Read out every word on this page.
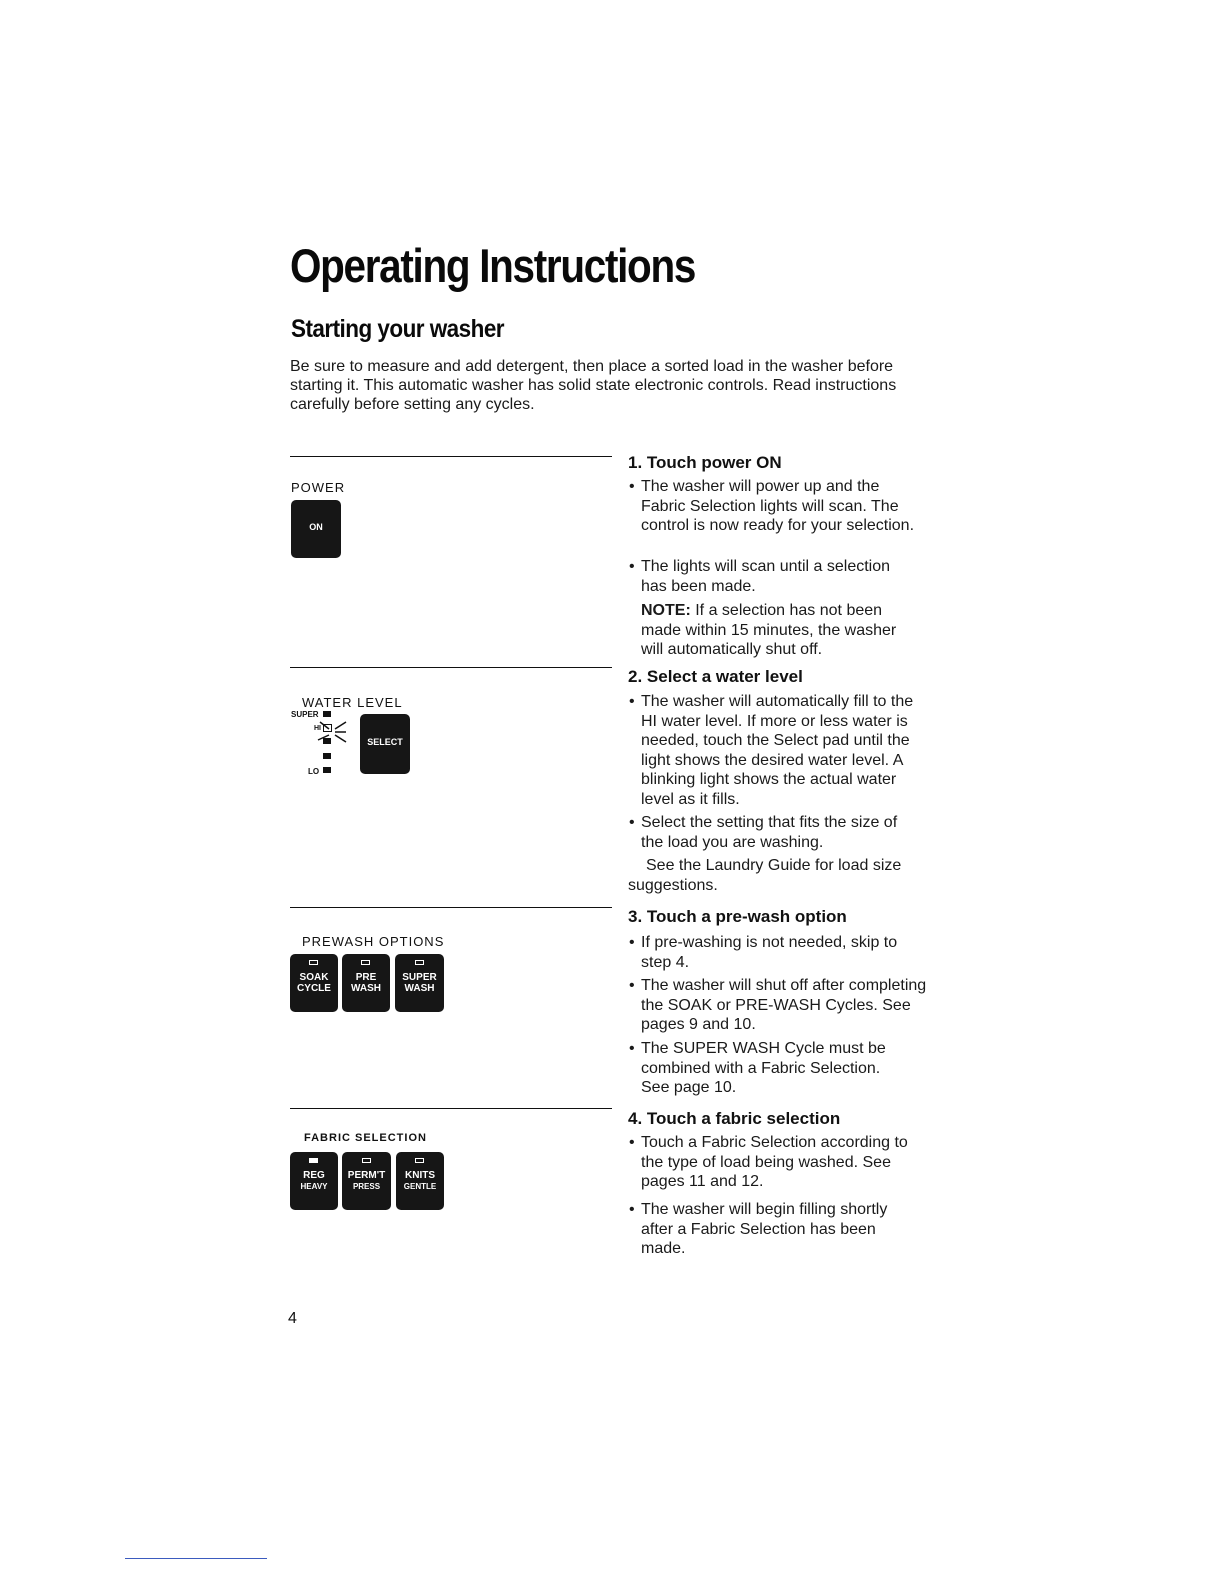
Operating Instructions
Starting your washer

Be sure to measure and add detergent, then place a sorted load in the washer before starting it. This automatic washer has solid state electronic controls. Read instructions carefully before setting any cycles.

POWER
ON
1. Touch power ON
• The washer will power up and the Fabric Selection lights will scan. The control is now ready for your selection.
• The lights will scan until a selection has been made.
NOTE: If a selection has not been made within 15 minutes, the washer will automatically shut off.
WATER LEVEL
SUPER
HI
LO
SELECT
2. Select a water level
• The washer will automatically fill to the HI water level. If more or less water is needed, touch the Select pad until the light shows the desired water level. A blinking light shows the actual water level as it fills.
• Select the setting that fits the size of the load you are washing.
See the Laundry Guide for load size suggestions.
PREWASH OPTIONS
SOAK
CYCLE
PRE
WASH
SUPER
WASH
3. Touch a pre-wash option
• If pre-washing is not needed, skip to step 4.
• The washer will shut off after completing the SOAK or PRE-WASH Cycles. See pages 9 and 10.
• The SUPER WASH Cycle must be combined with a Fabric Selection. See page 10.
FABRIC SELECTION
REG
HEAVY
PERM'T
PRESS
KNITS
GENTLE
4. Touch a fabric selection
• Touch a Fabric Selection according to the type of load being washed. See pages 11 and 12.
• The washer will begin filling shortly after a Fabric Selection has been made.
4
